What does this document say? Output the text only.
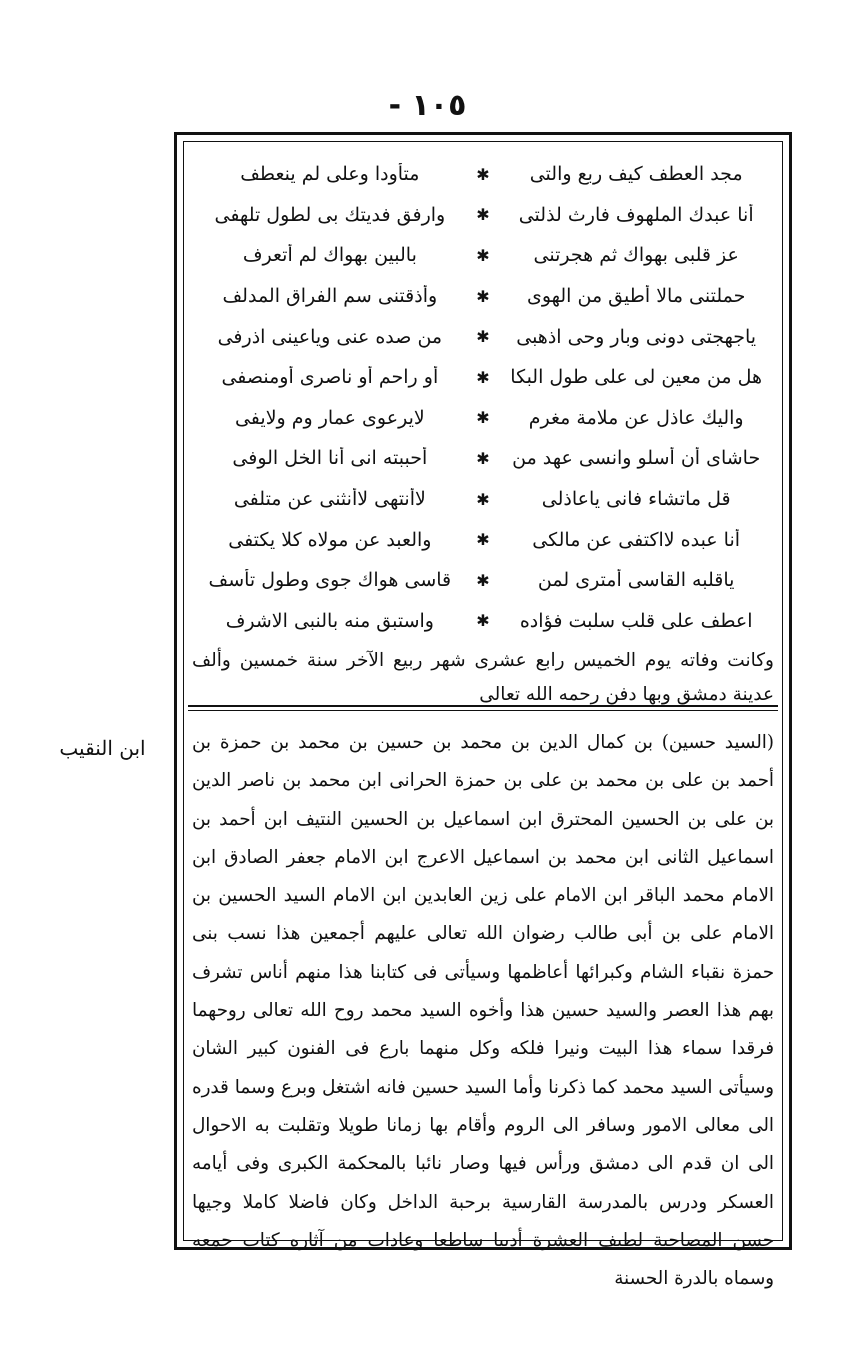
- ١٠٥
ابن النقيب
مجد العطف كيف ربع والتى
✱
متأودا وعلى لم ينعطف
أنا عبدك الملهوف فارث لذلتى
✱
وارفق فديتك بى لطول تلهفى
عز قلبى بهواك ثم هجرتنى
✱
بالبين بهواك لم أتعرف
حملتنى مالا أطيق من الهوى
✱
وأذقتنى سم الفراق المدلف
ياجهجتى دونى وبار وحى اذهبى
✱
من صده عنى وياعينى اذرفى
هل من معين لى على طول البكا
✱
أو راحم أو ناصرى أومنصفى
واليك عاذل عن ملامة مغرم
✱
لايرعوى عمار وم ولايفى
حاشاى أن أسلو وانسى عهد من
✱
أحببته انى أنا الخل الوفى
قل ماتشاء فانى ياعاذلى
✱
لاأنتهى لاأنثنى عن متلفى
أنا عبده لااكتفى عن مالكى
✱
والعبد عن مولاه كلا يكتفى
ياقلبه القاسى أمترى لمن
✱
قاسى هواك جوى وطول تأسف
اعطف على قلب سلبت فؤاده
✱
واستبق منه بالنبى الاشرف
وكانت وفاته يوم الخميس رابع عشرى شهر ربيع الآخر سنة خمسين وألف عدينة دمشق وبها دفن رحمه الله تعالى
(السيد حسين) بن كمال الدين بن محمد بن حسين بن محمد بن حمزة بن أحمد بن على بن محمد بن على بن حمزة الحرانى ابن محمد بن ناصر الدين بن على بن الحسين المحترق ابن اسماعيل بن الحسين النتيف ابن أحمد بن اسماعيل الثانى ابن محمد بن اسماعيل الاعرج ابن الامام جعفر الصادق ابن الامام محمد الباقر ابن الامام على زين العابدين ابن الامام السيد الحسين بن الامام على بن أبى طالب رضوان الله تعالى عليهم أجمعين هذا نسب بنى حمزة نقباء الشام وكبرائها أعاظمها وسيأتى فى كتابنا هذا منهم أناس تشرف بهم هذا العصر والسيد حسين هذا وأخوه السيد محمد روح الله تعالى روحهما فرقدا سماء هذا البيت ونيرا فلكه وكل منهما بارع فى الفنون كبير الشان وسيأتى السيد محمد كما ذكرنا وأما السيد حسين فانه اشتغل وبرع وسما قدره الى معالى الامور وسافر الى الروم وأقام بها زمانا طويلا وتقلبت به الاحوال الى ان قدم الى دمشق ورأس فيها وصار نائبا بالمحكمة الكبرى وفى أيامه العسكر ودرس بالمدرسة القارسية برحبة الداخل وكان فاضلا كاملا وجيها حسن المصاحبة لطيف العشرة أديبا ساطعا وعاداب من آثاره كتاب جمعه وسماه بالدرة الحسنة
